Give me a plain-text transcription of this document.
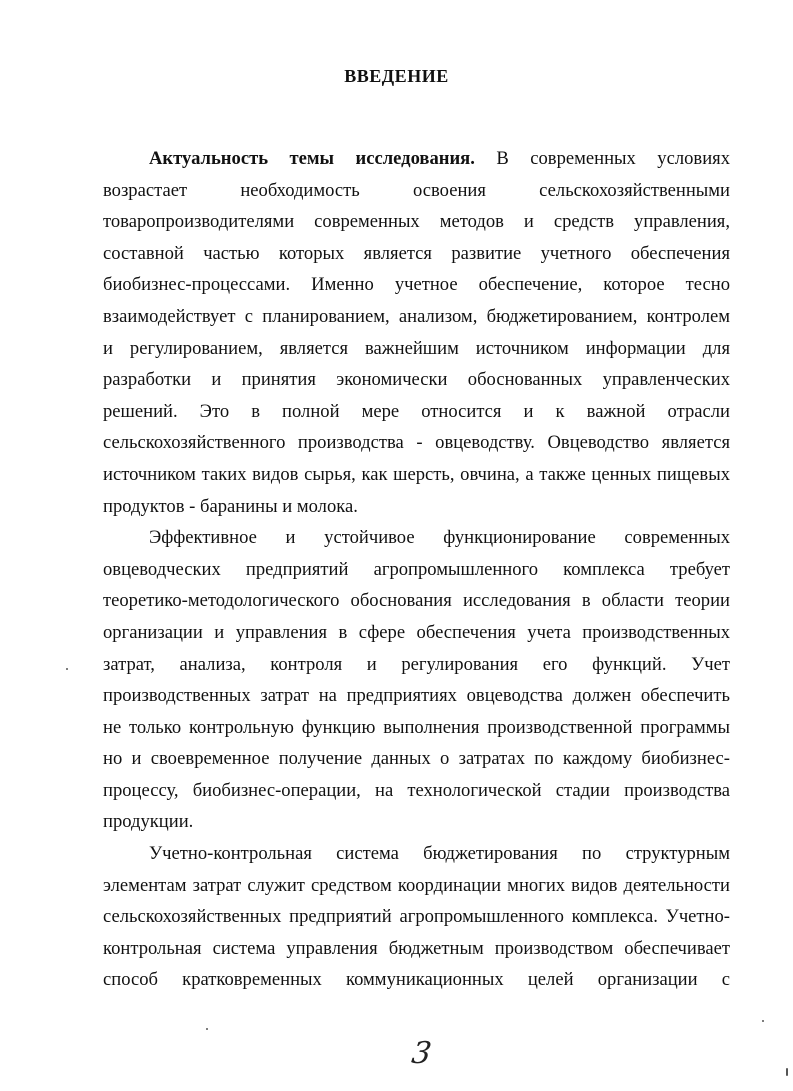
ВВЕДЕНИЕ
Актуальность темы исследования. В современных условиях
возрастает необходимость освоения сельскохозяйственными
товаропроизводителями современных методов и средств управления,
составной частью которых является развитие учетного обеспечения
биобизнес-процессами. Именно учетное обеспечение, которое тесно
взаимодействует с планированием, анализом, бюджетированием, контролем
и регулированием, является важнейшим источником информации для
разработки и принятия экономически обоснованных управленческих
решений. Это в полной мере относится и к важной отрасли
сельскохозяйственного производства - овцеводству. Овцеводство является
источником таких видов сырья, как шерсть, овчина, а также ценных пищевых
продуктов - баранины и молока.
Эффективное и устойчивое функционирование современных
овцеводческих предприятий агропромышленного комплекса требует
теоретико-методологического обоснования исследования в области теории
организации и управления в сфере обеспечения учета производственных
затрат, анализа, контроля и регулирования его функций. Учет
производственных затрат на предприятиях овцеводства должен обеспечить
не только контрольную функцию выполнения производственной программы
но и своевременное получение данных о затратах по каждому биобизнес-
процессу, биобизнес-операции, на технологической стадии производства
продукции.
Учетно-контрольная система бюджетирования по структурным
элементам затрат служит средством координации многих видов деятельности
сельскохозяйственных предприятий агропромышленного комплекса. Учетно-
контрольная система управления бюджетным производством обеспечивает
способ кратковременных коммуникационных целей организации с
3
